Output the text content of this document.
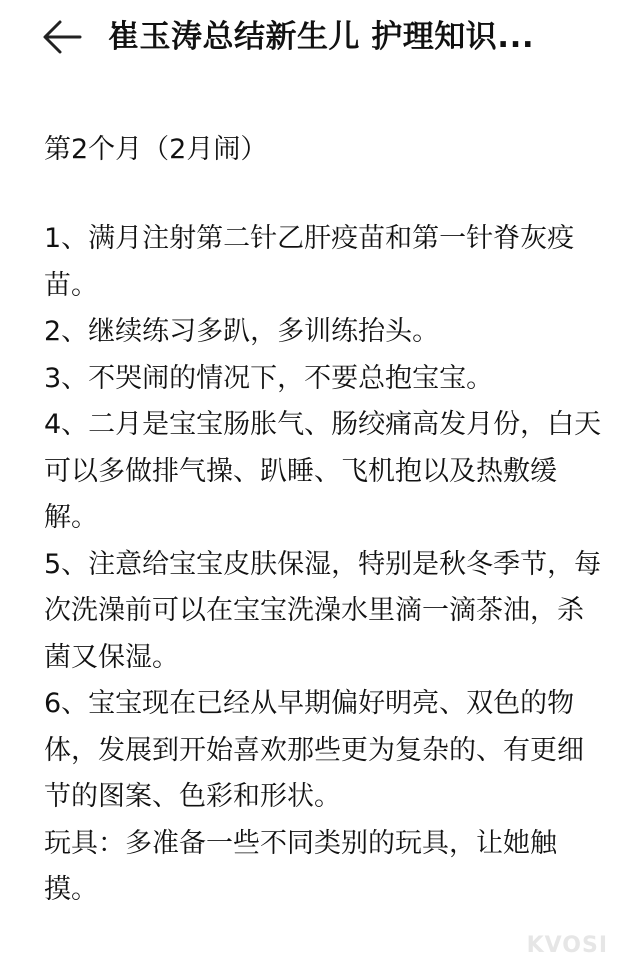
崔玉涛总结新生儿 护理知识...

第2个月（2月闹）

1、满月注射第二针乙肝疫苗和第一针脊灰疫苗。

2、继续练习多趴，多训练抬头。

3、不哭闹的情况下，不要总抱宝宝。

4、二月是宝宝肠胀气、肠绞痛高发月份，白天可以多做排气操、趴睡、飞机抱以及热敷缓解。

5、注意给宝宝皮肤保湿，特别是秋冬季节，每次洗澡前可以在宝宝洗澡水里滴一滴茶油，杀菌又保湿。

6、宝宝现在已经从早期偏好明亮、双色的物体，发展到开始喜欢那些更为复杂的、有更细节的图案、色彩和形状。

玩具：多准备一些不同类别的玩具，让她触摸。

KVOSI
